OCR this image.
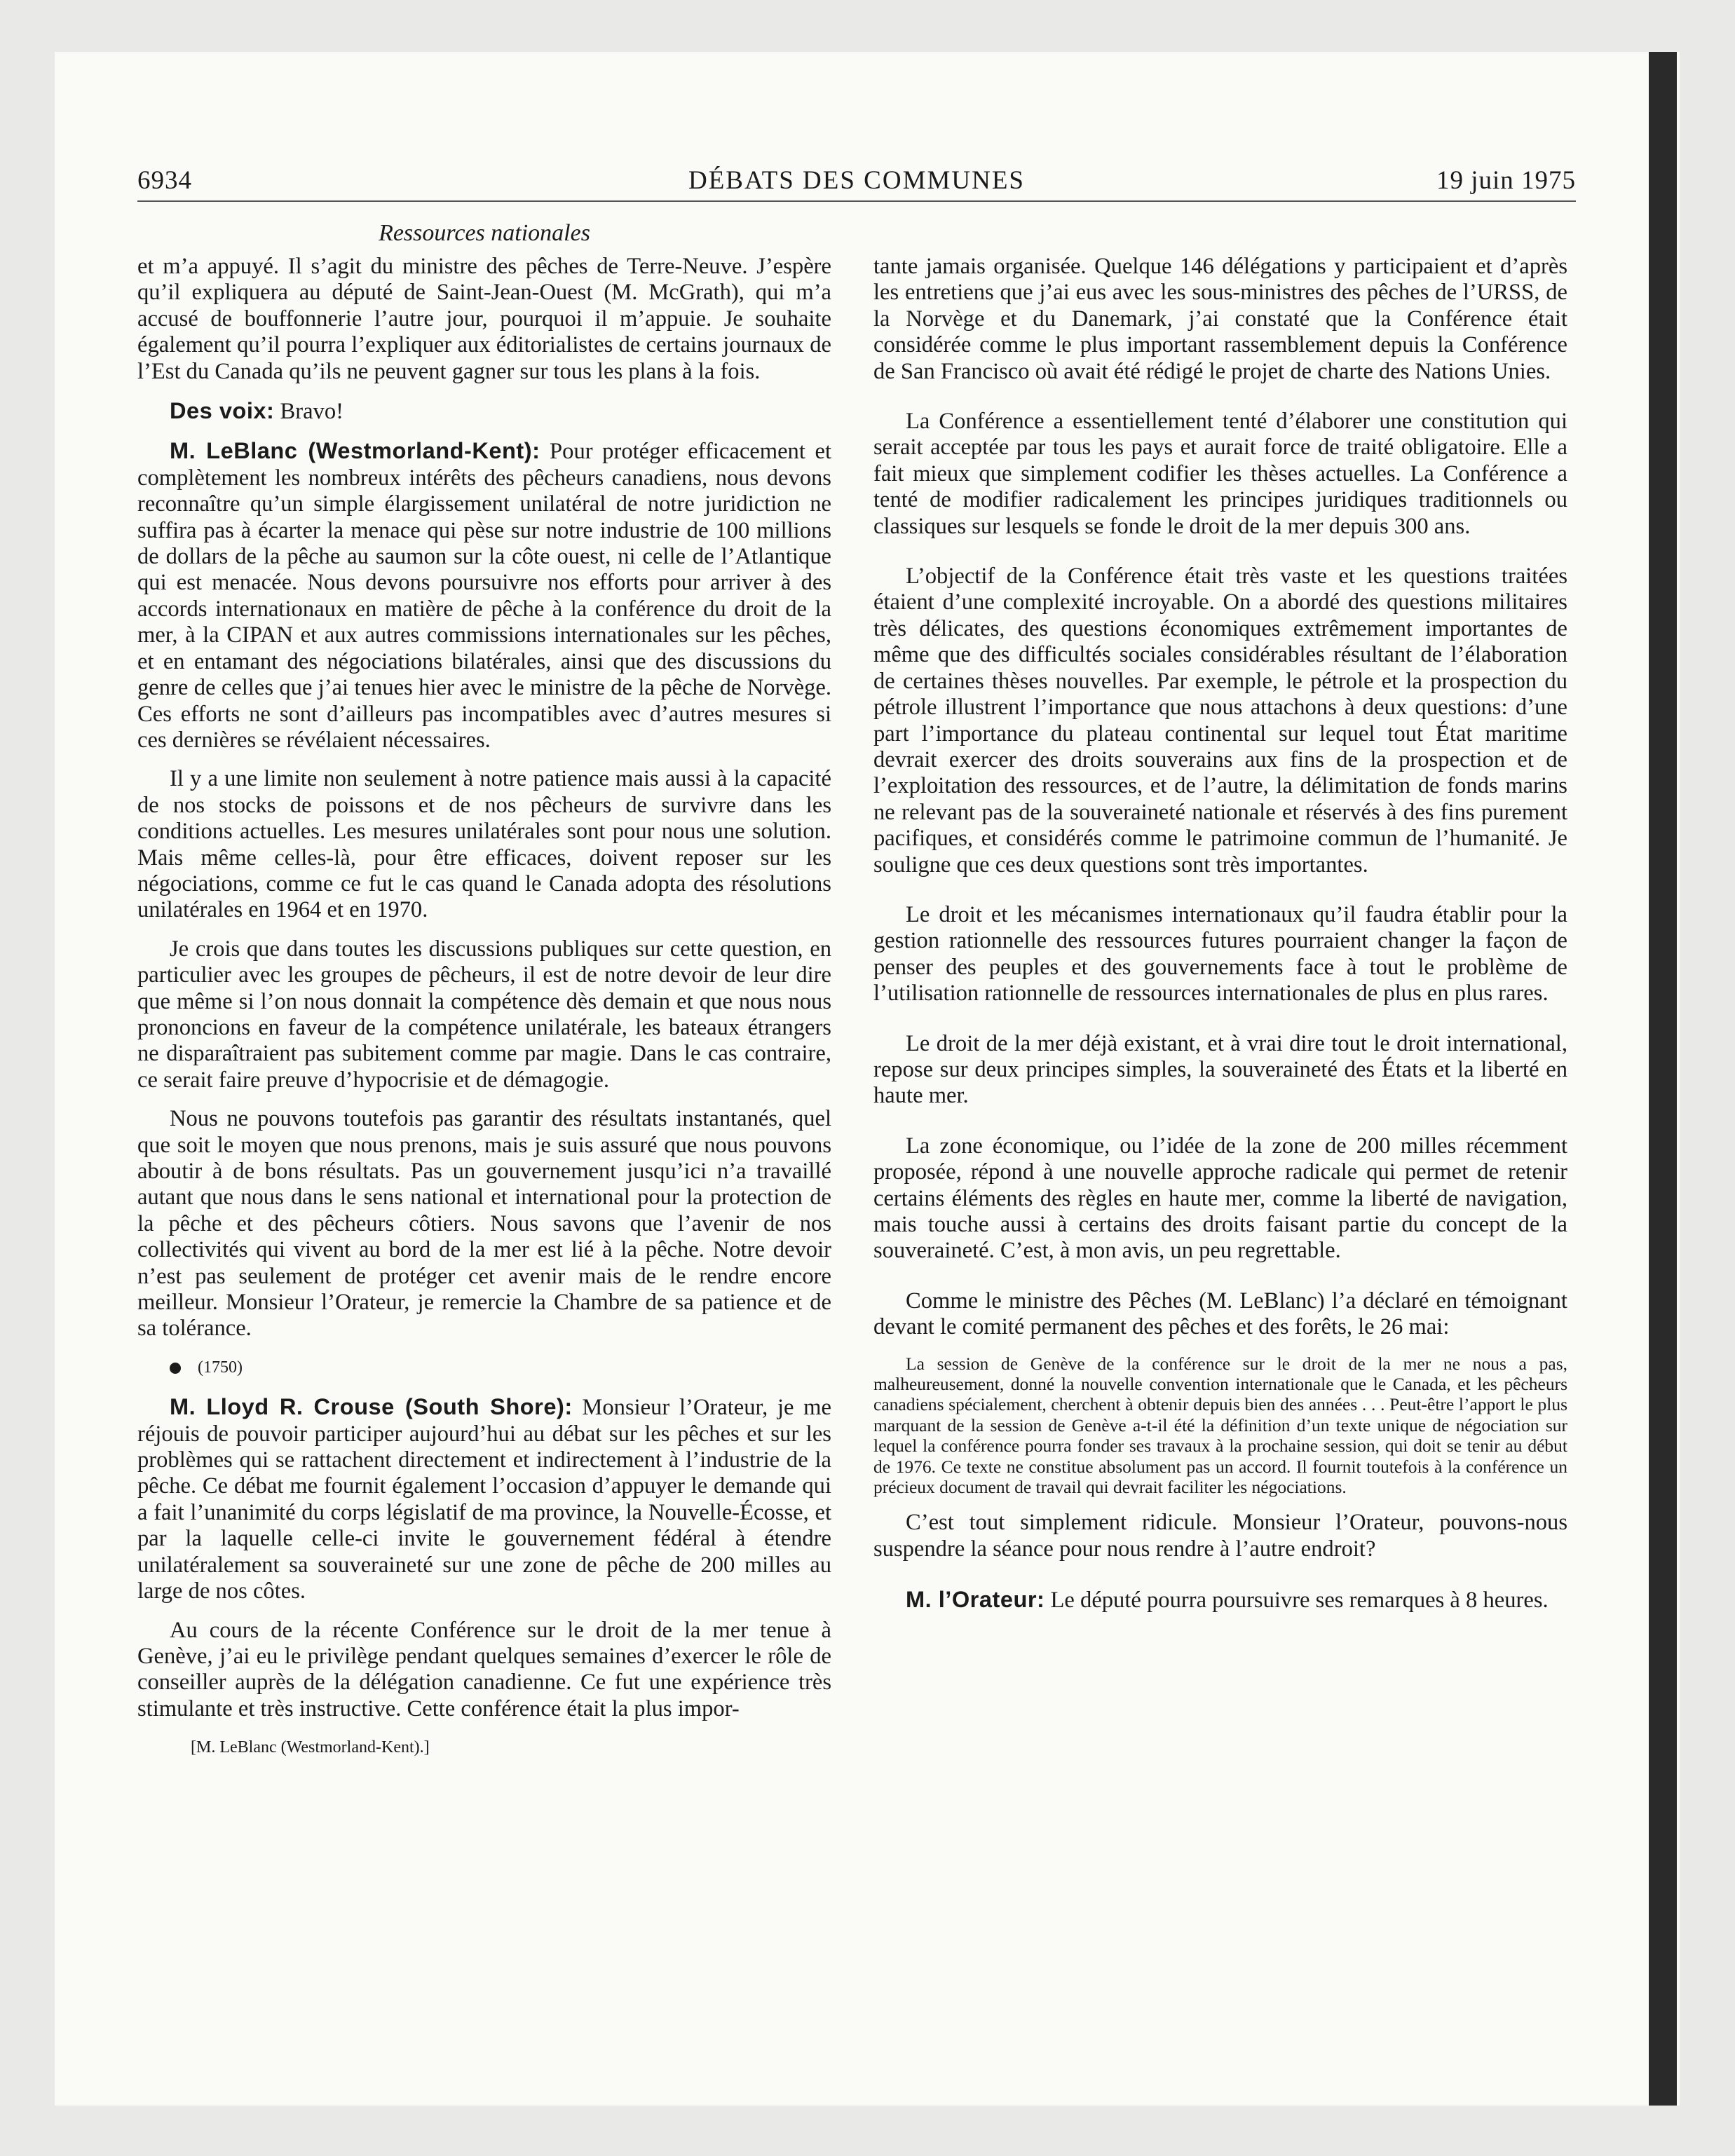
6934	DÉBATS DES COMMUNES	19 juin 1975
Ressources nationales

et m’a appuyé. Il s’agit du ministre des pêches de Terre-Neuve. J’espère qu’il expliquera au député de Saint-Jean-Ouest (M. McGrath), qui m’a accusé de bouffonnerie l’autre jour, pourquoi il m’appuie. Je souhaite également qu’il pourra l’expliquer aux éditorialistes de certains journaux de l’Est du Canada qu’ils ne peuvent gagner sur tous les plans à la fois.

Des voix: Bravo!

M. LeBlanc (Westmorland-Kent): Pour protéger efficacement et complètement les nombreux intérêts des pêcheurs canadiens, nous devons reconnaître qu’un simple élargissement unilatéral de notre juridiction ne suffira pas à écarter la menace qui pèse sur notre industrie de 100 millions de dollars de la pêche au saumon sur la côte ouest, ni celle de l’Atlantique qui est menacée. Nous devons poursuivre nos efforts pour arriver à des accords internationaux en matière de pêche à la conférence du droit de la mer, à la CIPAN et aux autres commissions internationales sur les pêches, et en entamant des négociations bilatérales, ainsi que des discussions du genre de celles que j’ai tenues hier avec le ministre de la pêche de Norvège. Ces efforts ne sont d’ailleurs pas incompatibles avec d’autres mesures si ces dernières se révélaient nécessaires.

Il y a une limite non seulement à notre patience mais aussi à la capacité de nos stocks de poissons et de nos pêcheurs de survivre dans les conditions actuelles. Les mesures unilatérales sont pour nous une solution. Mais même celles-là, pour être efficaces, doivent reposer sur les négociations, comme ce fut le cas quand le Canada adopta des résolutions unilatérales en 1964 et en 1970.

Je crois que dans toutes les discussions publiques sur cette question, en particulier avec les groupes de pêcheurs, il est de notre devoir de leur dire que même si l’on nous donnait la compétence dès demain et que nous nous prononcions en faveur de la compétence unilatérale, les bateaux étrangers ne disparaîtraient pas subitement comme par magie. Dans le cas contraire, ce serait faire preuve d’hypocrisie et de démagogie.

Nous ne pouvons toutefois pas garantir des résultats instantanés, quel que soit le moyen que nous prenons, mais je suis assuré que nous pouvons aboutir à de bons résultats. Pas un gouvernement jusqu’ici n’a travaillé autant que nous dans le sens national et international pour la protection de la pêche et des pêcheurs côtiers. Nous savons que l’avenir de nos collectivités qui vivent au bord de la mer est lié à la pêche. Notre devoir n’est pas seulement de protéger cet avenir mais de le rendre encore meilleur. Monsieur l’Orateur, je remercie la Chambre de sa patience et de sa tolérance.

(1750)

M. Lloyd R. Crouse (South Shore): Monsieur l’Orateur, je me réjouis de pouvoir participer aujourd’hui au débat sur les pêches et sur les problèmes qui se rattachent directement et indirectement à l’industrie de la pêche. Ce débat me fournit également l’occasion d’appuyer le demande qui a fait l’unanimité du corps législatif de ma province, la Nouvelle-Écosse, et par la laquelle celle-ci invite le gouvernement fédéral à étendre unilatéralement sa souveraineté sur une zone de pêche de 200 milles au large de nos côtes.

Au cours de la récente Conférence sur le droit de la mer tenue à Genève, j’ai eu le privilège pendant quelques semaines d’exercer le rôle de conseiller auprès de la délégation canadienne. Ce fut une expérience très stimulante et très instructive. Cette conférence était la plus impor-

[M. LeBlanc (Westmorland-Kent).]

tante jamais organisée. Quelque 146 délégations y participaient et d’après les entretiens que j’ai eus avec les sous-ministres des pêches de l’URSS, de la Norvège et du Danemark, j’ai constaté que la Conférence était considérée comme le plus important rassemblement depuis la Conférence de San Francisco où avait été rédigé le projet de charte des Nations Unies.

La Conférence a essentiellement tenté d’élaborer une constitution qui serait acceptée par tous les pays et aurait force de traité obligatoire. Elle a fait mieux que simplement codifier les thèses actuelles. La Conférence a tenté de modifier radicalement les principes juridiques traditionnels ou classiques sur lesquels se fonde le droit de la mer depuis 300 ans.

L’objectif de la Conférence était très vaste et les questions traitées étaient d’une complexité incroyable. On a abordé des questions militaires très délicates, des questions économiques extrêmement importantes de même que des difficultés sociales considérables résultant de l’élaboration de certaines thèses nouvelles. Par exemple, le pétrole et la prospection du pétrole illustrent l’importance que nous attachons à deux questions: d’une part l’importance du plateau continental sur lequel tout État maritime devrait exercer des droits souverains aux fins de la prospection et de l’exploitation des ressources, et de l’autre, la délimitation de fonds marins ne relevant pas de la souveraineté nationale et réservés à des fins purement pacifiques, et considérés comme le patrimoine commun de l’humanité. Je souligne que ces deux questions sont très importantes.

Le droit et les mécanismes internationaux qu’il faudra établir pour la gestion rationnelle des ressources futures pourraient changer la façon de penser des peuples et des gouvernements face à tout le problème de l’utilisation rationnelle de ressources internationales de plus en plus rares.

Le droit de la mer déjà existant, et à vrai dire tout le droit international, repose sur deux principes simples, la souveraineté des États et la liberté en haute mer.

La zone économique, ou l’idée de la zone de 200 milles récemment proposée, répond à une nouvelle approche radicale qui permet de retenir certains éléments des règles en haute mer, comme la liberté de navigation, mais touche aussi à certains des droits faisant partie du concept de la souveraineté. C’est, à mon avis, un peu regrettable.

Comme le ministre des Pêches (M. LeBlanc) l’a déclaré en témoignant devant le comité permanent des pêches et des forêts, le 26 mai:

La session de Genève de la conférence sur le droit de la mer ne nous a pas, malheureusement, donné la nouvelle convention internationale que le Canada, et les pêcheurs canadiens spécialement, cherchent à obtenir depuis bien des années . . . Peut-être l’apport le plus marquant de la session de Genève a-t-il été la définition d’un texte unique de négociation sur lequel la conférence pourra fonder ses travaux à la prochaine session, qui doit se tenir au début de 1976. Ce texte ne constitue absolument pas un accord. Il fournit toutefois à la conférence un précieux document de travail qui devrait faciliter les négociations.

C’est tout simplement ridicule. Monsieur l’Orateur, pouvons-nous suspendre la séance pour nous rendre à l’autre endroit?

M. l’Orateur: Le député pourra poursuivre ses remarques à 8 heures.
